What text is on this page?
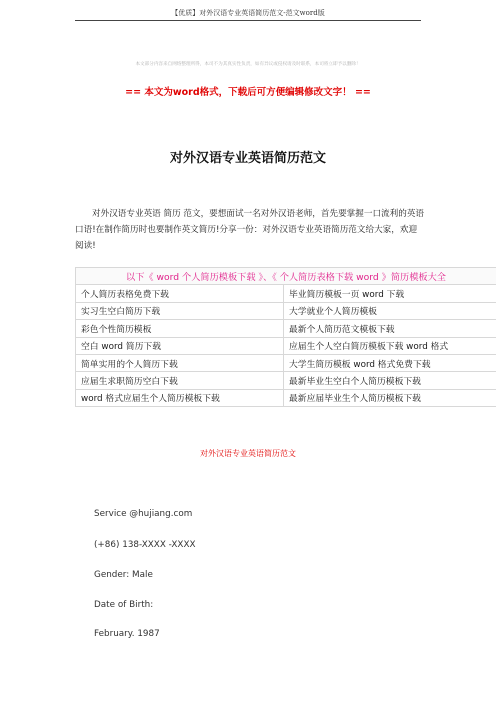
【优质】对外汉语专业英语简历范文-范文word版
本文部分内容来自网络整理所得，本司不为其真实性负责，如有异议或侵权请及时联系，本司将立即予以删除！
== 本文为word格式，下载后可方便编辑修改文字！ ==
对外汉语专业英语简历范文
对外汉语专业英语 简历 范文，要想面试一名对外汉语老师，首先要掌握一口流利的英语口语!在制作简历时也要制作英文简历!分享一份：对外汉语专业英语简历范文给大家，欢迎阅读!
以下《 word 个人简历模板下载 》、《 个人简历表格下载 word 》简历模板大全	
个人简历表格免费下载	毕业简历模板一页 word 下载
实习生空白简历下载	大学就业个人简历模板
彩色个性简历模板	最新个人简历范文模板下载
空白 word 简历下载	应届生个人空白简历模板下载 word 格式
简单实用的个人简历下载	大学生简历模板 word 格式免费下载
应届生求职简历空白下载	最新毕业生空白个人简历模板下载
word 格式应届生个人简历模板下载	最新应届毕业生个人简历模板下载
对外汉语专业英语简历范文
Service @hujiang.com
(+86) 138-XXXX -XXXX
Gender: Male
Date of Birth:
February. 1987
